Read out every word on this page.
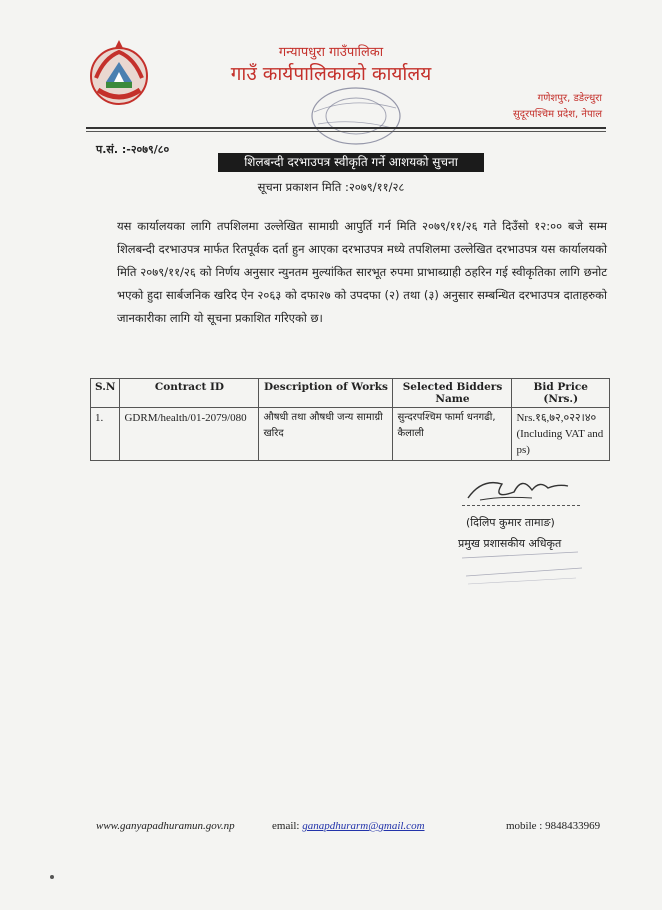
गन्यापधुरा गाउँपालिका
गाउँ कार्यपालिकाको कार्यालय
गणेशपुर, डडेल्धुरा
सुदूरपश्चिम प्रदेश, नेपाल
प.सं. :-२०७९/८०
शिलबन्दी दरभाउपत्र स्वीकृति गर्ने आशयको सुचना
सूचना प्रकाशन मिति :२०७९/११/२८
यस कार्यालयका लागि तपशिलमा उल्लेखित सामाग्री आपुर्ति गर्न मिति २०७९/११/२६ गते दिउँसो १२:०० बजे सम्म शिलबन्दी दरभाउपत्र मार्फत रितपूर्वक दर्ता हुन आएका दरभाउपत्र मध्ये तपशिलमा उल्लेखित दरभाउपत्र यस कार्यालयको मिति २०७९/११/२६ को निर्णय अनुसार न्युनतम मुल्यांकित सारभूत रुपमा प्राभाब्ग्राही ठहरिन गई स्वीकृतिका लागि छनोट भएको हुदा सार्बजनिक खरिद ऐन २०६३ को दफा२७ को उपदफा (२) तथा (३) अनुसार सम्बन्धित दरभाउपत्र दाताहरुको जानकारीका लागि यो सूचना प्रकाशित गरिएको छ।
S.N	Contract ID	Description of Works	Selected Bidders Name	Bid Price (Nrs.)
1.	GDRM/health/01-2079/080	औषधी तथा औषधी जन्य सामाग्री खरिद	सुन्दरपश्चिम फार्मा धनगढी, कैलाली	Nrs.१६,७२,०२२।४०
(Including VAT and ps)
(दिलिप कुमार तामाङ)
प्रमुख प्रशासकीय अधिकृत
www.ganyapadhuramun.gov.np	email: ganapdhurarm@gmail.com	mobile : 9848433969
